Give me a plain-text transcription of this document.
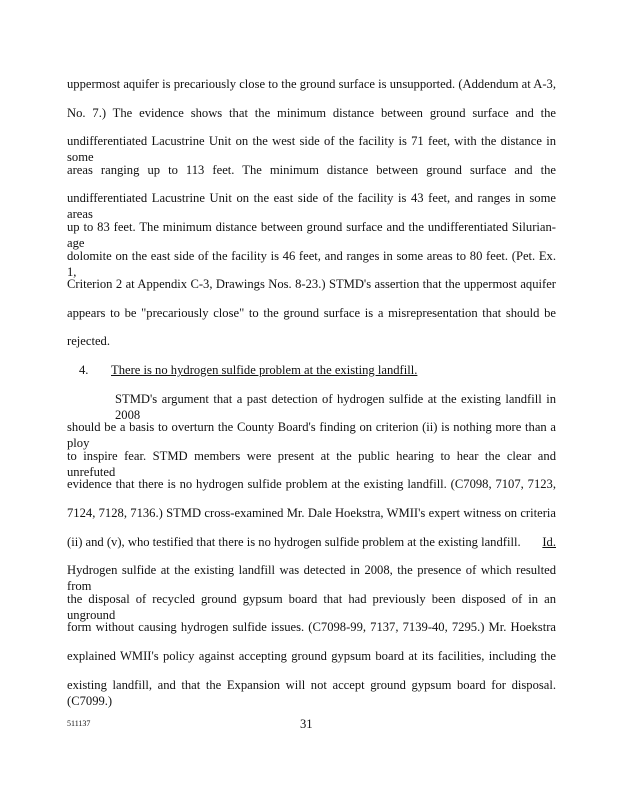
uppermost aquifer is precariously close to the ground surface is unsupported. (Addendum at A-3,
No. 7.) The evidence shows that the minimum distance between ground surface and the
undifferentiated Lacustrine Unit on the west side of the facility is 71 feet, with the distance in some
areas ranging up to 113 feet. The minimum distance between ground surface and the
undifferentiated Lacustrine Unit on the east side of the facility is 43 feet, and ranges in some areas
up to 83 feet. The minimum distance between ground surface and the undifferentiated Silurian-age
dolomite on the east side of the facility is 46 feet, and ranges in some areas to 80 feet. (Pet. Ex. 1,
Criterion 2 at Appendix C-3, Drawings Nos. 8-23.) STMD's assertion that the uppermost aquifer
appears to be "precariously close" to the ground surface is a misrepresentation that should be
rejected.
4. There is no hydrogen sulfide problem at the existing landfill.
STMD's argument that a past detection of hydrogen sulfide at the existing landfill in 2008
should be a basis to overturn the County Board's finding on criterion (ii) is nothing more than a ploy
to inspire fear. STMD members were present at the public hearing to hear the clear and unrefuted
evidence that there is no hydrogen sulfide problem at the existing landfill. (C7098, 7107, 7123,
7124, 7128, 7136.) STMD cross-examined Mr. Dale Hoekstra, WMII's expert witness on criteria
(ii) and (v), who testified that there is no hydrogen sulfide problem at the existing landfill. Id.
Hydrogen sulfide at the existing landfill was detected in 2008, the presence of which resulted from
the disposal of recycled ground gypsum board that had previously been disposed of in an unground
form without causing hydrogen sulfide issues. (C7098-99, 7137, 7139-40, 7295.) Mr. Hoekstra
explained WMII's policy against accepting ground gypsum board at its facilities, including the
existing landfill, and that the Expansion will not accept ground gypsum board for disposal. (C7099.)
511137	31
